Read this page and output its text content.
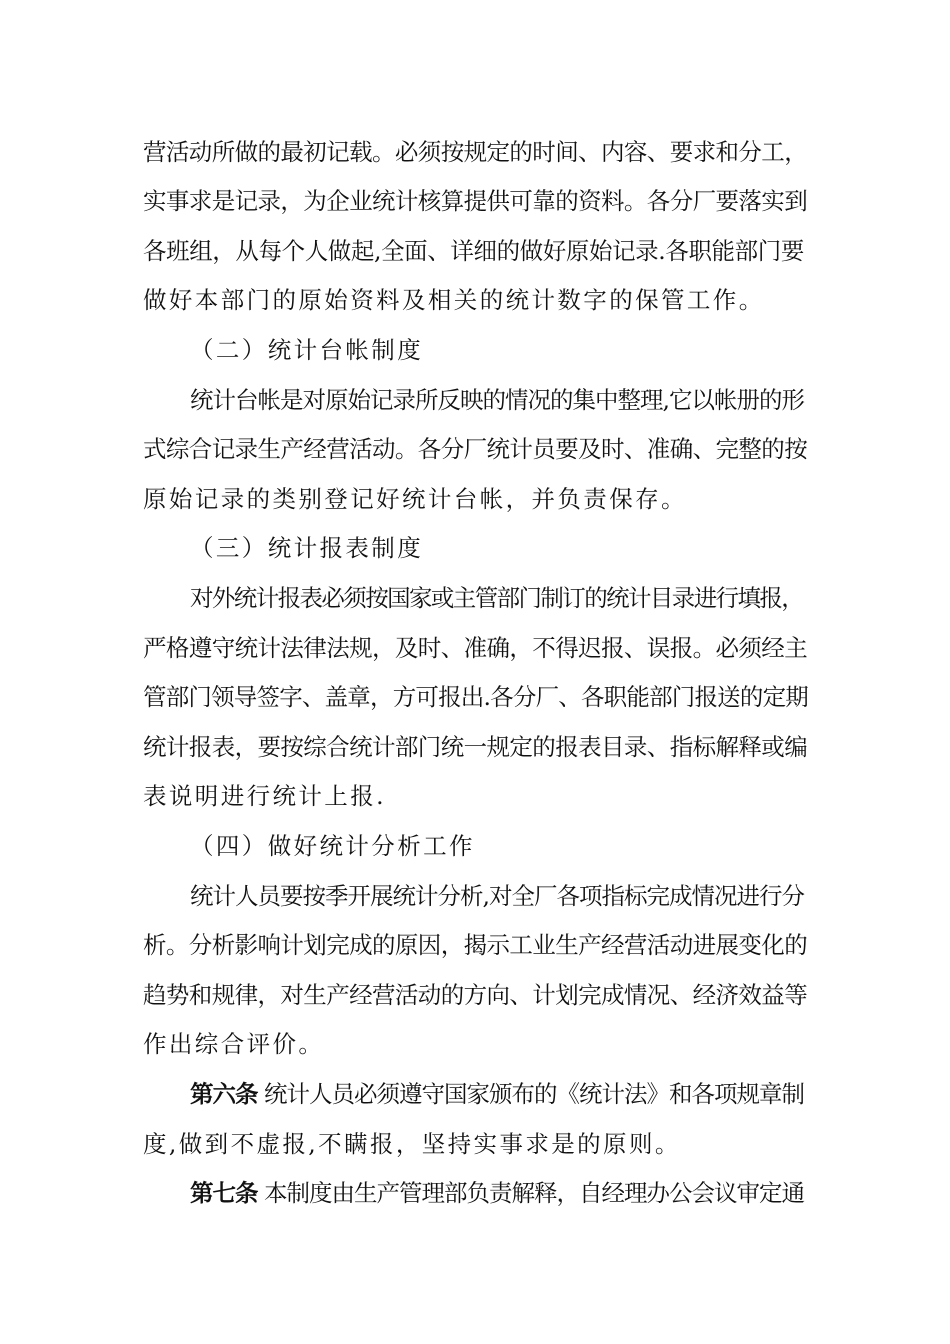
营活动所做的最初记载。必须按规定的时间、内容、要求和分工，
实事求是记录，为企业统计核算提供可靠的资料。各分厂要落实到
各班组，从每个人做起,全面、详细的做好原始记录.各职能部门要
做好本部门的原始资料及相关的统计数字的保管工作。
（二）统计台帐制度
统计台帐是对原始记录所反映的情况的集中整理,它以帐册的形
式综合记录生产经营活动。各分厂统计员要及时、准确、完整的按
原始记录的类别登记好统计台帐，并负责保存。
（三）统计报表制度
对外统计报表必须按国家或主管部门制订的统计目录进行填报，
严格遵守统计法律法规，及时、准确，不得迟报、误报。必须经主
管部门领导签字、盖章，方可报出.各分厂、各职能部门报送的定期
统计报表，要按综合统计部门统一规定的报表目录、指标解释或编
表说明进行统计上报.
（四）做好统计分析工作
统计人员要按季开展统计分析,对全厂各项指标完成情况进行分
析。分析影响计划完成的原因，揭示工业生产经营活动进展变化的
趋势和规律，对生产经营活动的方向、计划完成情况、经济效益等
作出综合评价。
第六条 统计人员必须遵守国家颁布的《统计法》和各项规章制
度,做到不虚报,不瞒报，坚持实事求是的原则。
第七条 本制度由生产管理部负责解释，自经理办公会议审定通
